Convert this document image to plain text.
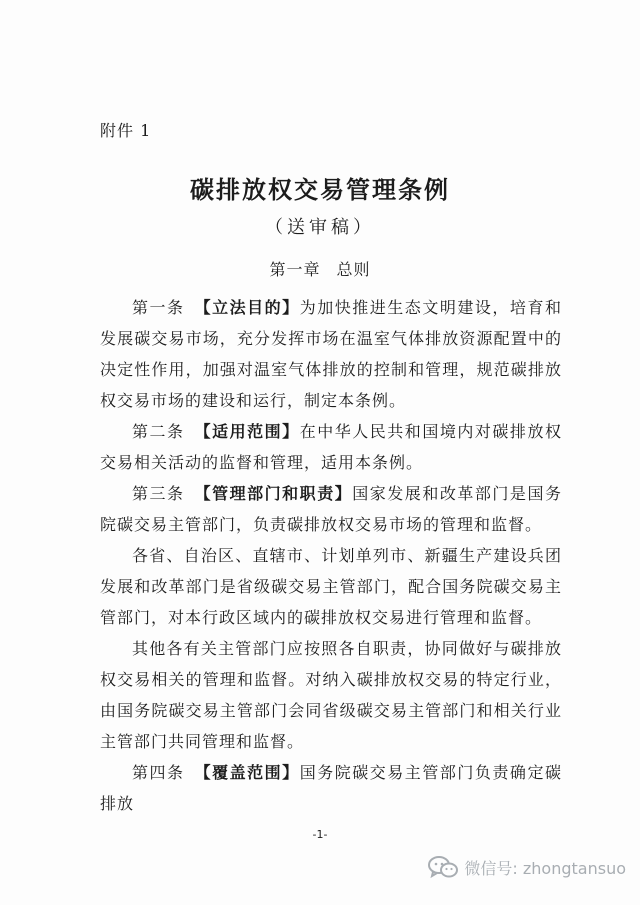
附件 1
碳排放权交易管理条例
（送审稿）
第一章 总则

第一条 【立法目的】为加快推进生态文明建设，培育和发展碳交易市场，充分发挥市场在温室气体排放资源配置中的决定性作用，加强对温室气体排放的控制和管理，规范碳排放权交易市场的建设和运行，制定本条例。

第二条 【适用范围】在中华人民共和国境内对碳排放权交易相关活动的监督和管理，适用本条例。

第三条 【管理部门和职责】国家发展和改革部门是国务院碳交易主管部门，负责碳排放权交易市场的管理和监督。

各省、自治区、直辖市、计划单列市、新疆生产建设兵团发展和改革部门是省级碳交易主管部门，配合国务院碳交易主管部门，对本行政区域内的碳排放权交易进行管理和监督。

其他各有关主管部门应按照各自职责，协同做好与碳排放权交易相关的管理和监督。对纳入碳排放权交易的特定行业，由国务院碳交易主管部门会同省级碳交易主管部门和相关行业主管部门共同管理和监督。

第四条 【覆盖范围】国务院碳交易主管部门负责确定碳排放

-1-
微信号: zhongtansuo
